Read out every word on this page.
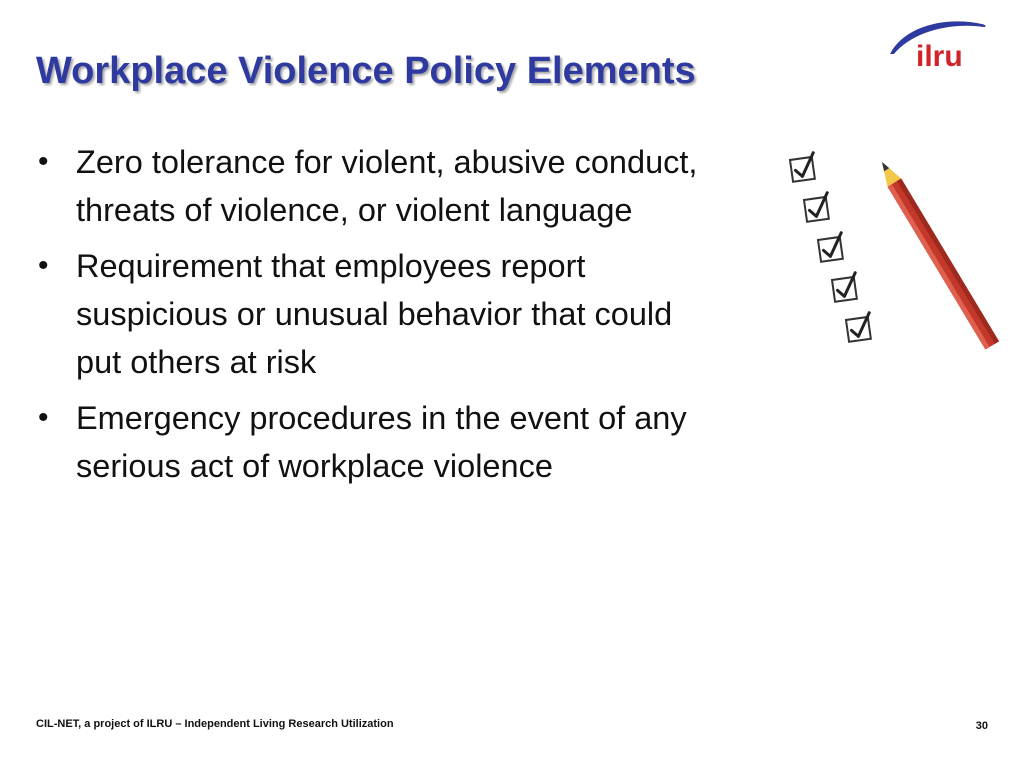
Workplace Violence Policy Elements	ilru
• Zero tolerance for violent, abusive conduct, threats of violence, or violent language
• Requirement that employees report suspicious or unusual behavior that could put others at risk
• Emergency procedures in the event of any serious act of workplace violence
CIL-NET, a project of ILRU – Independent Living Research Utilization	30
